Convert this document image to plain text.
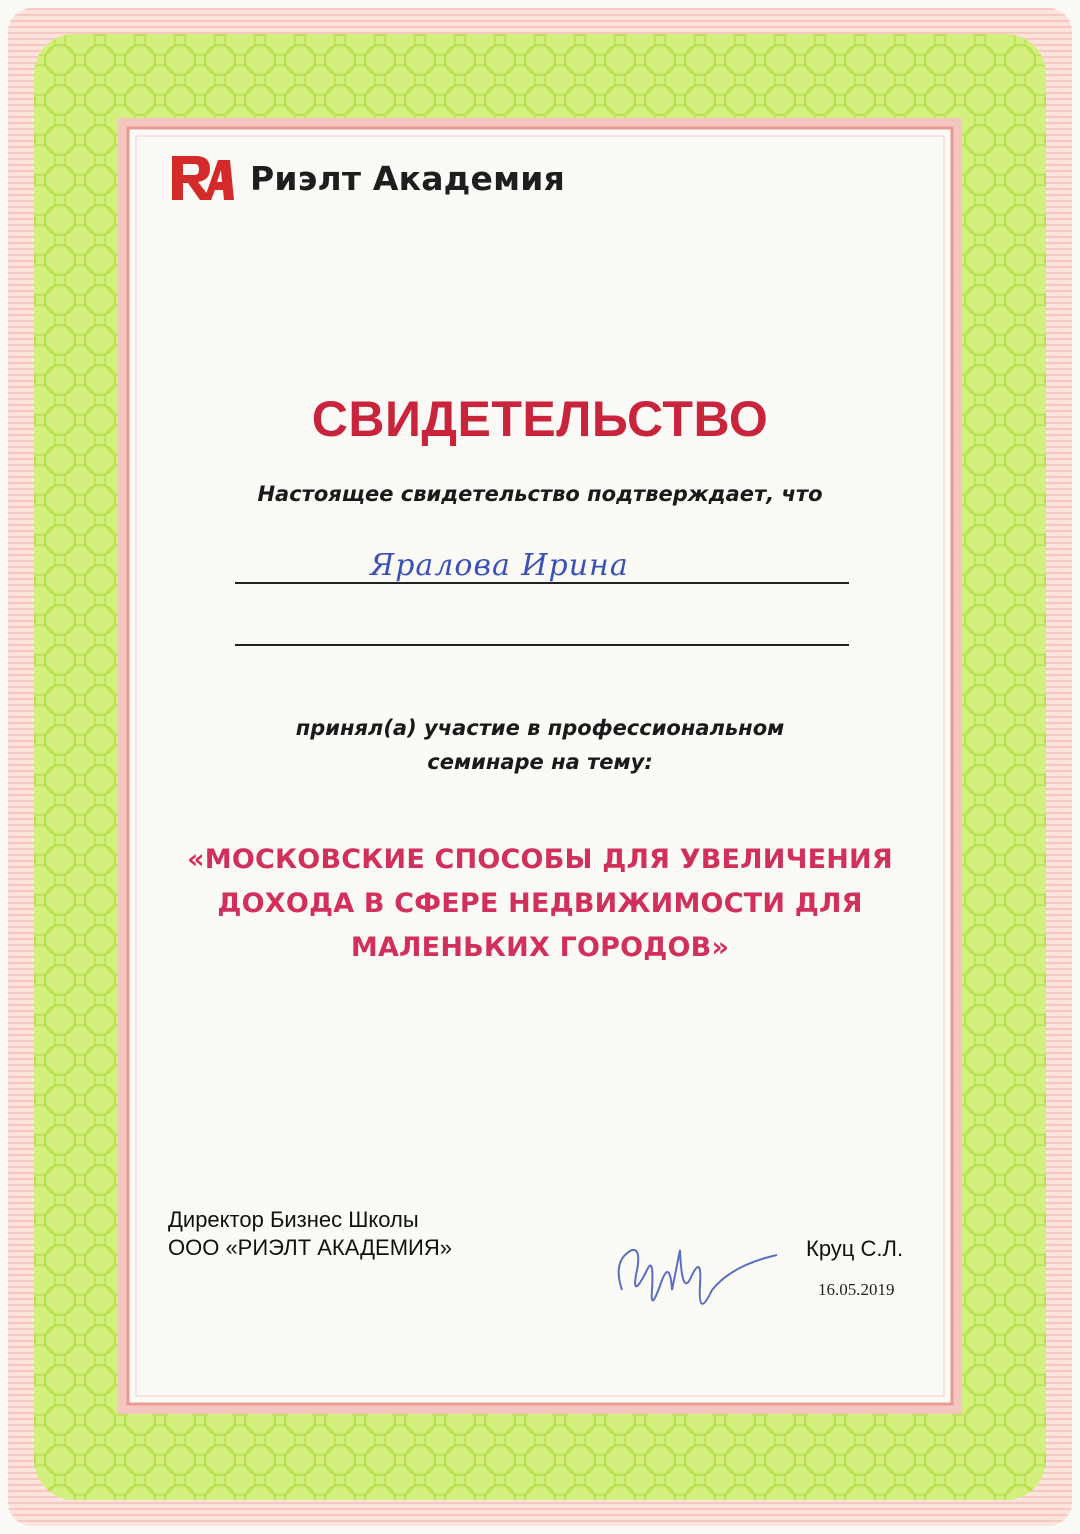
Риэлт Академия
СВИДЕТЕЛЬСТВО
Настоящее свидетельство подтверждает, что
Яралова Ирина
принял(а) участие в профессиональном
семинаре на тему:
«МОСКОВСКИЕ СПОСОБЫ ДЛЯ УВЕЛИЧЕНИЯ
ДОХОДА В СФЕРЕ НЕДВИЖИМОСТИ ДЛЯ
МАЛЕНЬКИХ ГОРОДОВ»
Директор Бизнес Школы
ООО «РИЭЛТ АКАДЕМИЯ»	Круц С.Л.
16.05.2019
